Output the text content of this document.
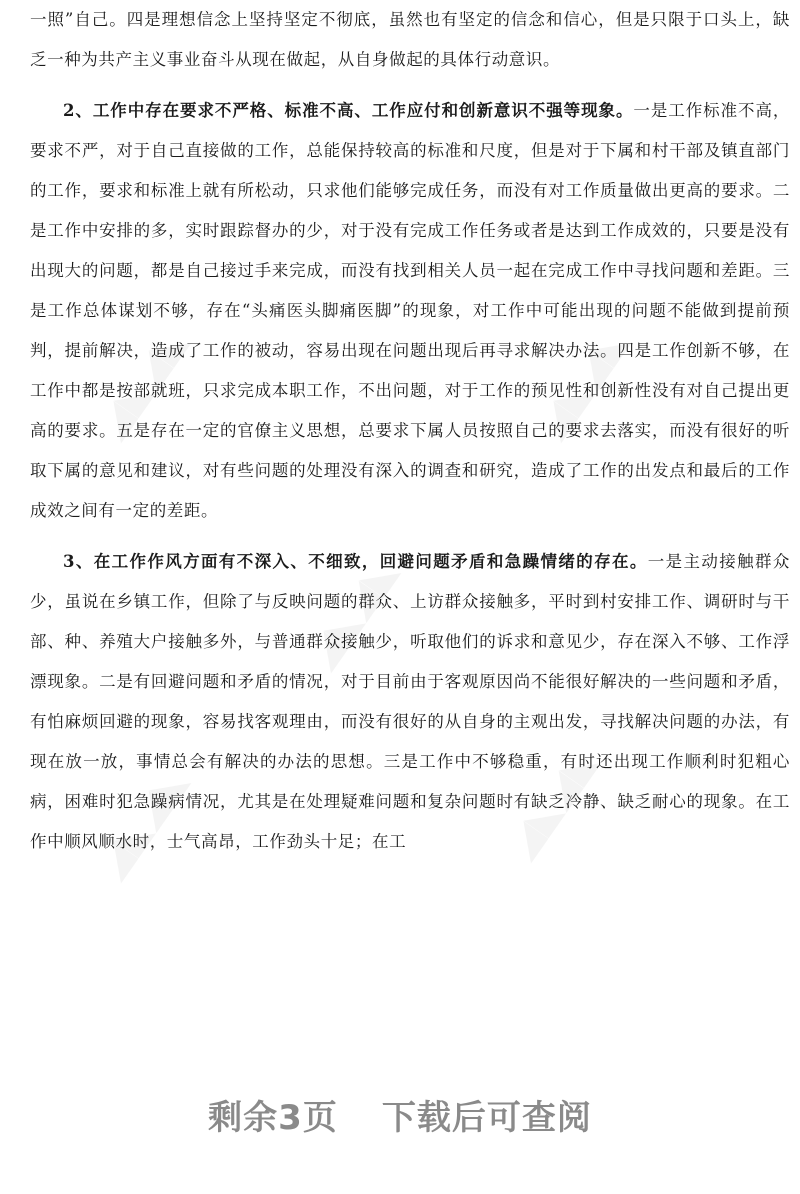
一照”自己。四是理想信念上坚持坚定不彻底，虽然也有坚定的信念和信心，但是只限于口头上，缺乏一种为共产主义事业奋斗从现在做起，从自身做起的具体行动意识。

2、工作中存在要求不严格、标准不高、工作应付和创新意识不强等现象。一是工作标准不高，要求不严，对于自己直接做的工作，总能保持较高的标准和尺度，但是对于下属和村干部及镇直部门的工作，要求和标准上就有所松动，只求他们能够完成任务，而没有对工作质量做出更高的要求。二是工作中安排的多，实时跟踪督办的少，对于没有完成工作任务或者是达到工作成效的，只要是没有出现大的问题，都是自己接过手来完成，而没有找到相关人员一起在完成工作中寻找问题和差距。三是工作总体谋划不够，存在“头痛医头脚痛医脚”的现象，对工作中可能出现的问题不能做到提前预判，提前解决，造成了工作的被动，容易出现在问题出现后再寻求解决办法。四是工作创新不够，在工作中都是按部就班，只求完成本职工作，不出问题，对于工作的预见性和创新性没有对自己提出更高的要求。五是存在一定的官僚主义思想，总要求下属人员按照自己的要求去落实，而没有很好的听取下属的意见和建议，对有些问题的处理没有深入的调查和研究，造成了工作的出发点和最后的工作成效之间有一定的差距。

3、在工作作风方面有不深入、不细致，回避问题矛盾和急躁情绪的存在。一是主动接触群众少，虽说在乡镇工作，但除了与反映问题的群众、上访群众接触多，平时到村安排工作、调研时与干部、种、养殖大户接触多外，与普通群众接触少，听取他们的诉求和意见少，存在深入不够、工作浮漂现象。二是有回避问题和矛盾的情况，对于目前由于客观原因尚不能很好解决的一些问题和矛盾，有怕麻烦回避的现象，容易找客观理由，而没有很好的从自身的主观出发，寻找解决问题的办法，有现在放一放，事情总会有解决的办法的思想。三是工作中不够稳重，有时还出现工作顺利时犯粗心病，困难时犯急躁病情况，尤其是在处理疑难问题和复杂问题时有缺乏冷静、缺乏耐心的现象。在工作中顺风顺水时，士气高昂，工作劲头十足；在工

剩余3页 下载后可查阅
